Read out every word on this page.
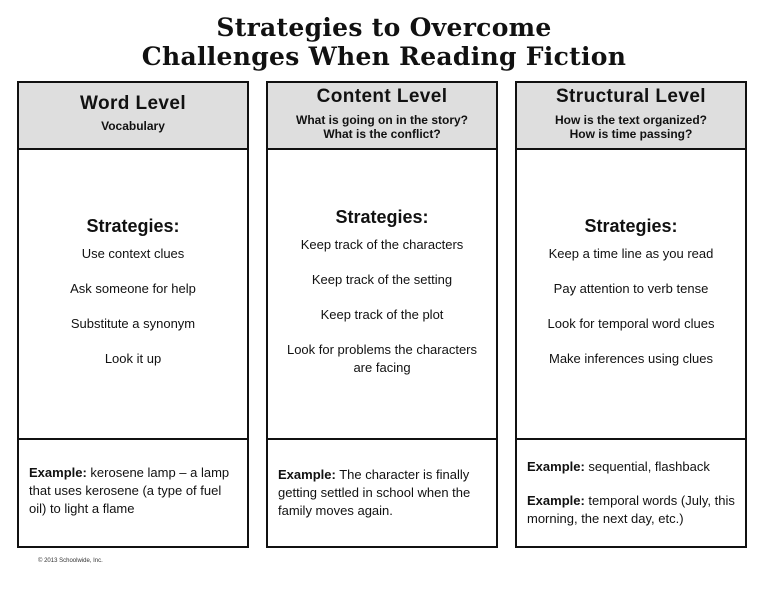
Strategies to Overcome
Challenges When Reading Fiction
Word Level
Vocabulary
Strategies:
Use context clues
Ask someone for help
Substitute a synonym
Look it up
Example: kerosene lamp – a lamp that uses kerosene (a type of fuel oil) to light a flame
Content Level
What is going on in the story?
What is the conflict?
Strategies:
Keep track of the characters
Keep track of the setting
Keep track of the plot
Look for problems the characters are facing
Example: The character is finally getting settled in school when the family moves again.
Structural Level
How is the text organized?
How is time passing?
Strategies:
Keep a time line as you read
Pay attention to verb tense
Look for temporal word clues
Make inferences using clues
Example: sequential, flashback
Example: temporal words (July, this morning, the next day, etc.)
© 2013 Schoolwide, Inc.
